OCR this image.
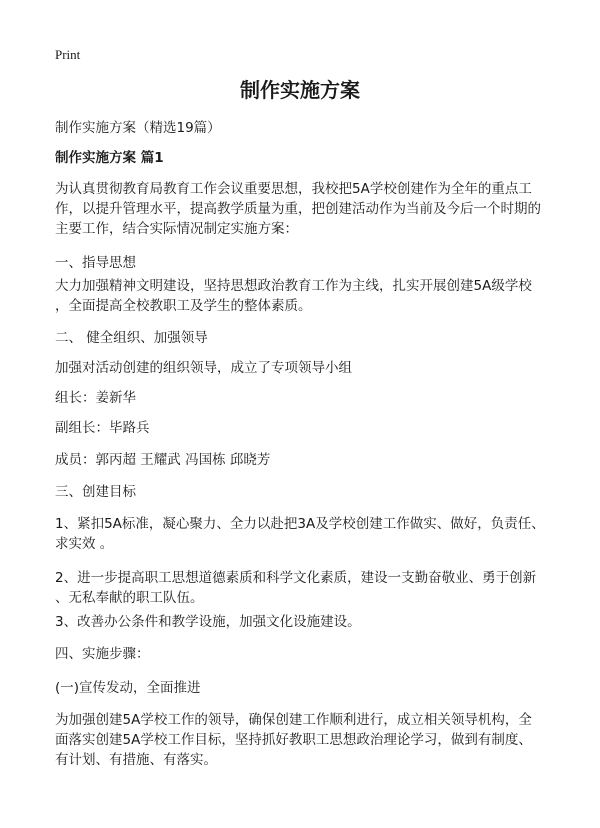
Print
制作实施方案
制作实施方案（精选19篇）
制作实施方案 篇1
为认真贯彻教育局教育工作会议重要思想，我校把5A学校创建作为全年的重点工
作，以提升管理水平，提高教学质量为重，把创建活动作为当前及今后一个时期的
主要工作，结合实际情况制定实施方案：
一、指导思想
大力加强精神文明建设，坚持思想政治教育工作为主线，扎实开展创建5A级学校
，全面提高全校教职工及学生的整体素质。
二、 健全组织、加强领导
加强对活动创建的组织领导，成立了专项领导小组
组长：姜新华
副组长：毕路兵
成员：郭丙超 王耀武 冯国栋 邱晓芳
三、创建目标
1、紧扣5A标准，凝心聚力、全力以赴把3A及学校创建工作做实、做好，负责任、
求实效 。
2、进一步提高职工思想道德素质和科学文化素质，建设一支勤奋敬业、勇于创新
、无私奉献的职工队伍。
3、改善办公条件和教学设施，加强文化设施建设。
四、实施步骤：
(一)宣传发动，全面推进
为加强创建5A学校工作的领导，确保创建工作顺利进行，成立相关领导机构，全
面落实创建5A学校工作目标，坚持抓好教职工思想政治理论学习，做到有制度、
有计划、有措施、有落实。
